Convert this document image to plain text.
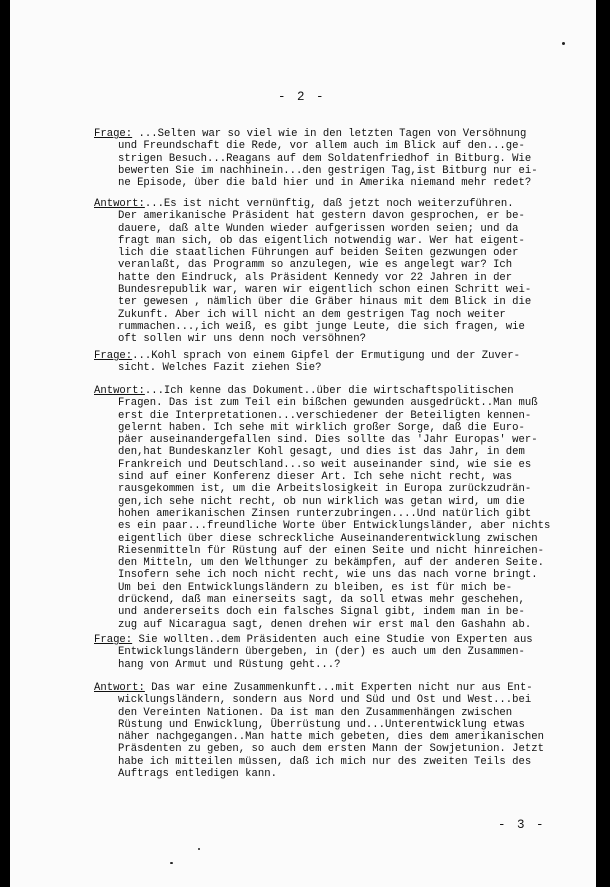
- 2 -
Frage: ...Selten war so viel wie in den letzten Tagen von Versöhnung
und Freundschaft die Rede, vor allem auch im Blick auf den...ge-
strigen Besuch...Reagans auf dem Soldatenfriedhof in Bitburg. Wie
bewerten Sie im nachhinein...den gestrigen Tag,ist Bitburg nur ei-
ne Episode, über die bald hier und in Amerika niemand mehr redet?
Antwort:...Es ist nicht vernünftig, daß jetzt noch weiterzuführen.
Der amerikanische Präsident hat gestern davon gesprochen, er be-
dauere, daß alte Wunden wieder aufgerissen worden seien; und da
fragt man sich, ob das eigentlich notwendig war. Wer hat eigent-
lich die staatlichen Führungen auf beiden Seiten gezwungen oder
veranlaßt, das Programm so anzulegen, wie es angelegt war? Ich
hatte den Eindruck, als Präsident Kennedy vor 22 Jahren in der
Bundesrepublik war, waren wir eigentlich schon einen Schritt wei-
ter gewesen , nämlich über die Gräber hinaus mit dem Blick in die
Zukunft. Aber ich will nicht an dem gestrigen Tag noch weiter
rummachen...,ich weiß, es gibt junge Leute, die sich fragen, wie
oft sollen wir uns denn noch versöhnen?
Frage:...Kohl sprach von einem Gipfel der Ermutigung und der Zuver-
sicht. Welches Fazit ziehen Sie?
Antwort:...Ich kenne das Dokument..über die wirtschaftspolitischen
Fragen. Das ist zum Teil ein bißchen gewunden ausgedrückt..Man muß
erst die Interpretationen...verschiedener der Beteiligten kennen-
gelernt haben. Ich sehe mit wirklich großer Sorge, daß die Euro-
päer auseinandergefallen sind. Dies sollte das 'Jahr Europas' wer-
den,hat Bundeskanzler Kohl gesagt, und dies ist das Jahr, in dem
Frankreich und Deutschland...so weit auseinander sind, wie sie es
sind auf einer Konferenz dieser Art. Ich sehe nicht recht, was
rausgekommen ist, um die Arbeitslosigkeit in Europa zurückzudrän-
gen,ich sehe nicht recht, ob nun wirklich was getan wird, um die
hohen amerikanischen Zinsen runterzubringen....Und natürlich gibt
es ein paar...freundliche Worte über Entwicklungsländer, aber nichts
eigentlich über diese schreckliche Auseinanderentwicklung zwischen
Riesenmitteln für Rüstung auf der einen Seite und nicht hinreichen-
den Mitteln, um den Welthunger zu bekämpfen, auf der anderen Seite.
Insofern sehe ich noch nicht recht, wie uns das nach vorne bringt.
Um bei den Entwicklungsländern zu bleiben, es ist für mich be-
drückend, daß man einerseits sagt, da soll etwas mehr geschehen,
und andererseits doch ein falsches Signal gibt, indem man in be-
zug auf Nicaragua sagt, denen drehen wir erst mal den Gashahn ab.
Frage: Sie wollten..dem Präsidenten auch eine Studie von Experten aus
Entwicklungsländern übergeben, in (der) es auch um den Zusammen-
hang von Armut und Rüstung geht...?
Antwort: Das war eine Zusammenkunft...mit Experten nicht nur aus Ent-
wicklungsländern, sondern aus Nord und Süd und Ost und West...bei
den Vereinten Nationen. Da ist man den Zusammenhängen zwischen
Rüstung und Enwicklung, Überrüstung und...Unterentwicklung etwas
näher nachgegangen..Man hatte mich gebeten, dies dem amerikanischen
Präsdenten zu geben, so auch dem ersten Mann der Sowjetunion. Jetzt
habe ich mitteilen müssen, daß ich mich nur des zweiten Teils des
Auftrags entledigen kann.
- 3 -
